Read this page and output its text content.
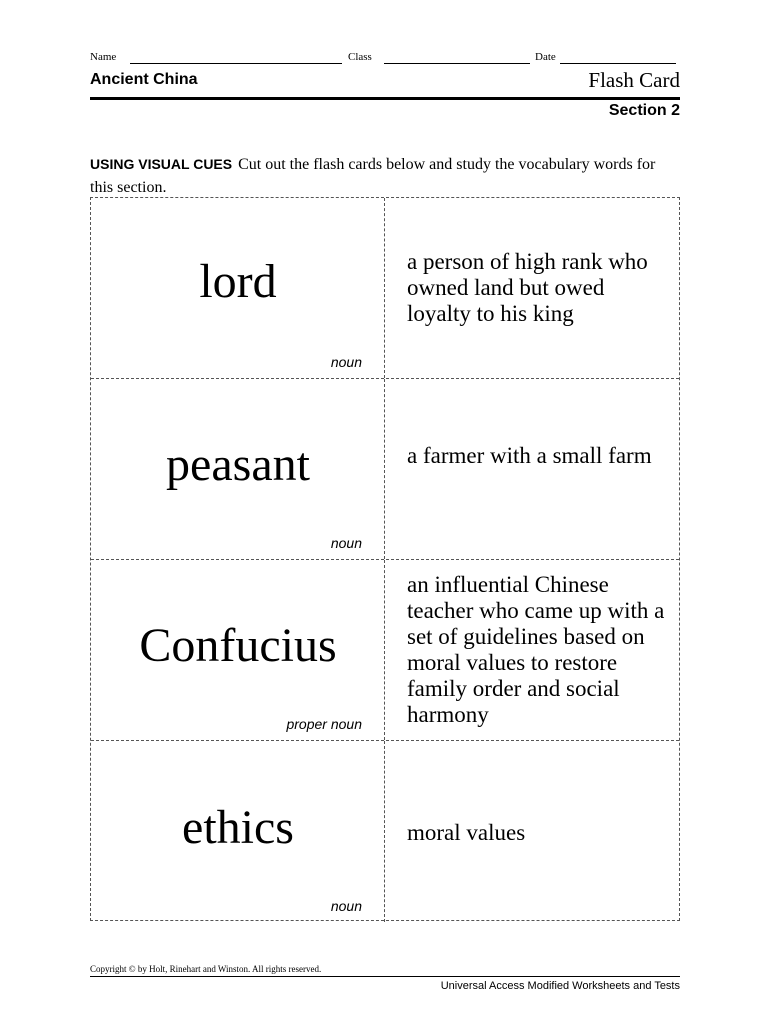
Name	Class	Date
Ancient China	Flash Card
Section 2
USING VISUAL CUES Cut out the flash cards below and study the vocabulary words for this section.
lord
noun
a person of high rank who owned land but owed loyalty to his king
peasant
noun
a farmer with a small farm
Confucius
proper noun
an influential Chinese teacher who came up with a set of guidelines based on moral values to restore family order and social harmony
ethics
noun
moral values
Copyright © by Holt, Rinehart and Winston. All rights reserved.
Universal Access Modified Worksheets and Tests
